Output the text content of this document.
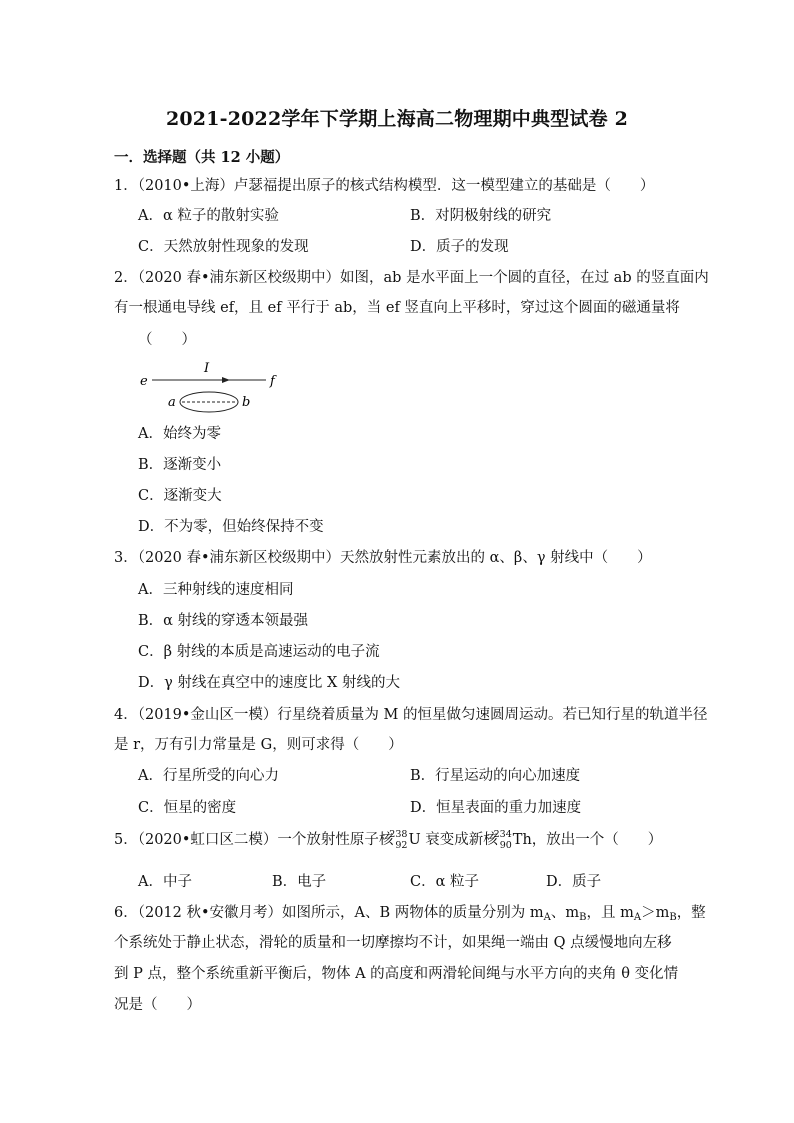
2021-2022学年下学期上海高二物理期中典型试卷 2
一．选择题（共 12 小题）
1．（2010•上海）卢瑟福提出原子的核式结构模型．这一模型建立的基础是（　　）
A．α 粒子的散射实验	B．对阴极射线的研究
C．天然放射性现象的发现	D．质子的发现
2．（2020 春•浦东新区校级期中）如图，ab 是水平面上一个圆的直径，在过 ab 的竖直面内
有一根通电导线 ef，且 ef 平行于 ab，当 ef 竖直向上平移时，穿过这个圆面的磁通量将
（　　）
e
I
f
a	b
A．始终为零
B．逐渐变小
C．逐渐变大
D．不为零，但始终保持不变
3．（2020 春•浦东新区校级期中）天然放射性元素放出的 α、β、γ 射线中（　　）
A．三种射线的速度相同
B．α 射线的穿透本领最强
C．β 射线的本质是高速运动的电子流
D．γ 射线在真空中的速度比 X 射线的大
4．（2019•金山区一模）行星绕着质量为 M 的恒星做匀速圆周运动。若已知行星的轨道半径
是 r，万有引力常量是 G，则可求得（　　）
A．行星所受的向心力	B．行星运动的向心加速度
C．恒星的密度	D．恒星表面的重力加速度
5．（2020•虹口区二模）一个放射性原子核
238
92 U 衰变成新核
234
90 Th，放出一个（　　）
A．中子	B．电子	C．α 粒子	D．质子
6．（2012 秋•安徽月考）如图所示，A、B 两物体的质量分别为 $m_A$、$m_B$，且 $m_A>m_B$，整
个系统处于静止状态，滑轮的质量和一切摩擦均不计，如果绳一端由 Q 点缓慢地向左移
到 P 点，整个系统重新平衡后，物体 A 的高度和两滑轮间绳与水平方向的夹角 θ 变化情
况是（　　）
